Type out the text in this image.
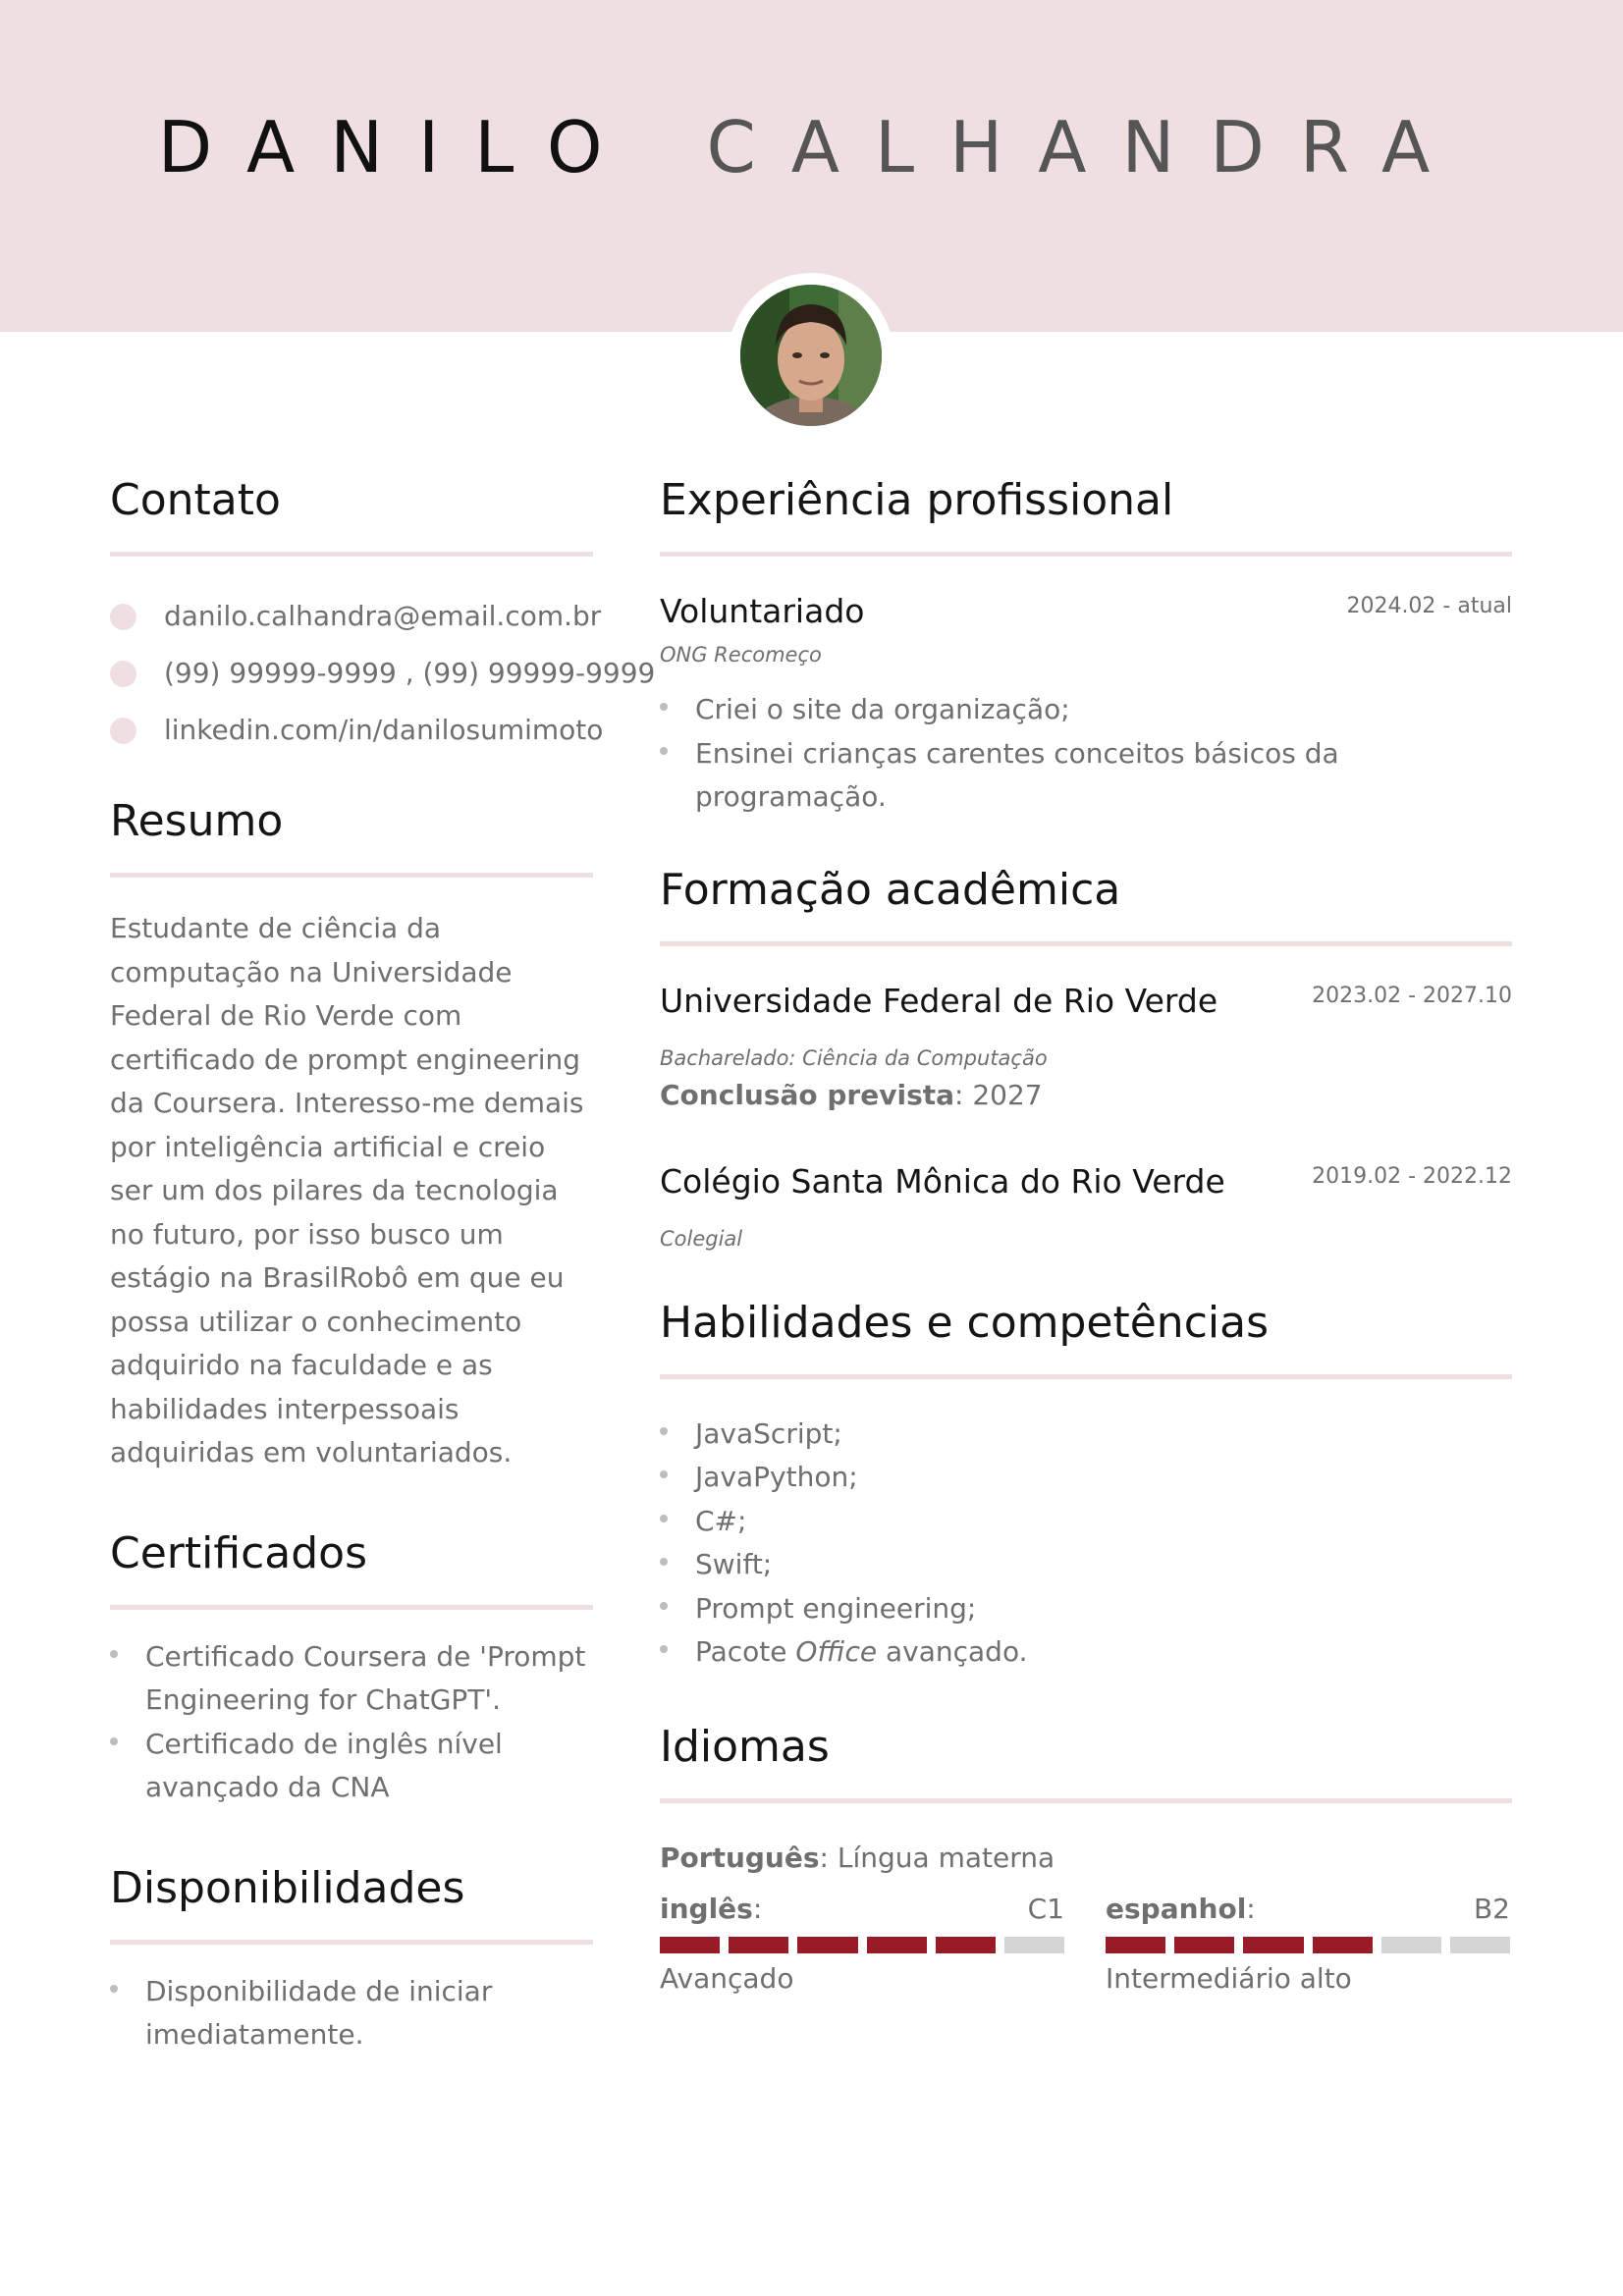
DANILO CALHANDRA
Contato
danilo.calhandra@email.com.br
(99) 99999-9999 , (99) 99999-9999
linkedin.com/in/danilosumimoto
Resumo
Estudante de ciência da computação na Universidade Federal de Rio Verde com certificado de prompt engineering da Coursera. Interesso-me demais por inteligência artificial e creio ser um dos pilares da tecnologia no futuro, por isso busco um estágio na BrasilRobô em que eu possa utilizar o conhecimento adquirido na faculdade e as habilidades interpessoais adquiridas em voluntariados.
Certificados
Certificado Coursera de 'Prompt Engineering for ChatGPT'.
Certificado de inglês nível avançado da CNA
Disponibilidades
Disponibilidade de iniciar imediatamente.
Experiência profissional
Voluntariado	2024.02 - atual
ONG Recomeço
Criei o site da organização;
Ensinei crianças carentes conceitos básicos da programação.
Formação acadêmica
Universidade Federal de Rio Verde	2023.02 - 2027.10
Bacharelado: Ciência da Computação
Conclusão prevista: 2027
Colégio Santa Mônica do Rio Verde	2019.02 - 2022.12
Colegial
Habilidades e competências
JavaScript;
JavaPython;
C#;
Swift;
Prompt engineering;
Pacote Office avançado.
Idiomas
Português: Língua materna
inglês:	C1
Avançado
espanhol:	B2
Intermediário alto
